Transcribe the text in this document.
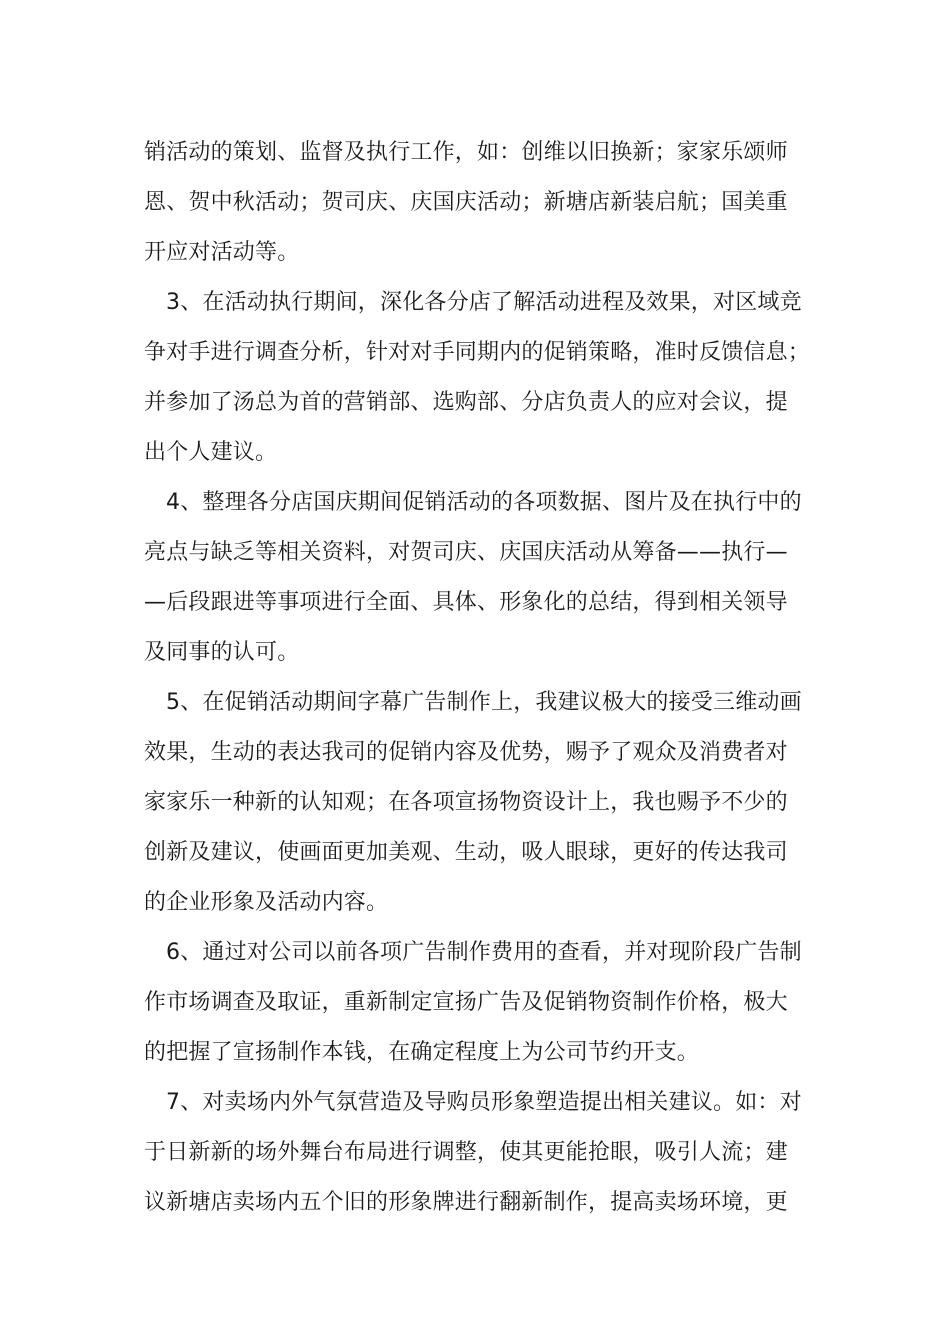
销活动的策划、监督及执行工作，如：创维以旧换新；家家乐颂师
恩、贺中秋活动；贺司庆、庆国庆活动；新塘店新装启航；国美重
开应对活动等。
3、在活动执行期间，深化各分店了解活动进程及效果，对区域竞
争对手进行调查分析，针对对手同期内的促销策略，准时反馈信息；
并参加了汤总为首的营销部、选购部、分店负责人的应对会议，提
出个人建议。
4、整理各分店国庆期间促销活动的各项数据、图片及在执行中的
亮点与缺乏等相关资料，对贺司庆、庆国庆活动从筹备——执行—
—后段跟进等事项进行全面、具体、形象化的总结，得到相关领导
及同事的认可。
5、在促销活动期间字幕广告制作上，我建议极大的接受三维动画
效果，生动的表达我司的促销内容及优势，赐予了观众及消费者对
家家乐一种新的认知观；在各项宣扬物资设计上，我也赐予不少的
创新及建议，使画面更加美观、生动，吸人眼球，更好的传达我司
的企业形象及活动内容。
6、通过对公司以前各项广告制作费用的查看，并对现阶段广告制
作市场调查及取证，重新制定宣扬广告及促销物资制作价格，极大
的把握了宣扬制作本钱，在确定程度上为公司节约开支。
7、对卖场内外气氛营造及导购员形象塑造提出相关建议。如：对
于日新新的场外舞台布局进行调整，使其更能抢眼，吸引人流；建
议新塘店卖场内五个旧的形象牌进行翻新制作，提高卖场环境，更
